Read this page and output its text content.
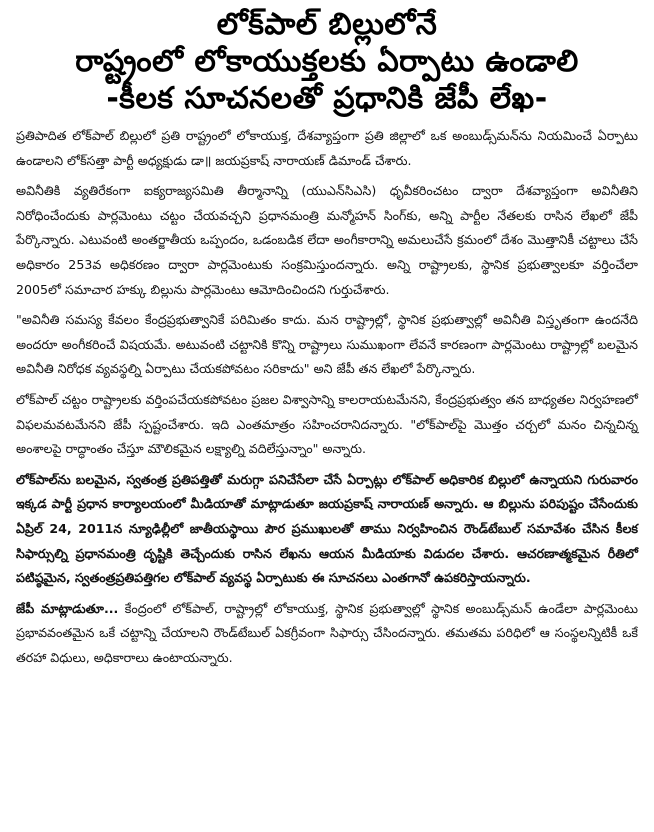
లోక్‌పాల్ బిల్లులోనే
రాష్ట్రంలో లోకాయుక్తలకు ఏర్పాటు ఉండాలి
-కీలక సూచనలతో ప్రధానికి జేపీ లేఖ-

ప్రతిపాదిత లోక్‌పాల్ బిల్లులో ప్రతి రాష్ట్రంలో లోకాయుక్త, దేశవ్యాప్తంగా ప్రతి జిల్లాలో ఒక అంబుడ్స్‌మన్‌ను నియమించే ఏర్పాటు ఉండాలని లోక్‌సత్తా పార్టీ అధ్యక్షుడు డా॥ జయప్రకాష్ నారాయణ్ డిమాండ్ చేశారు.

అవినీతికి వ్యతిరేకంగా ఐక్యరాజ్యసమితి తీర్మానాన్ని (యుఎన్‌సిఎసి) ధృవీకరించటం ద్వారా దేశవ్యాప్తంగా అవినీతిని నిరోధించేందుకు పార్లమెంటు చట్టం చేయవచ్చని ప్రధానమంత్రి మన్మోహన్ సింగ్‌కు, అన్ని పార్టీల నేతలకు రాసిన లేఖలో జేపీ పేర్కొన్నారు. ఎటువంటి అంతర్జాతీయ ఒప్పందం, ఒడంబడిక లేదా అంగీకారాన్ని అమలుచేసే క్రమంలో దేశం మొత్తానికీ చట్టాలు చేసే అధికారం 253వ అధికరణం ద్వారా పార్లమెంటుకు సంక్రమిస్తుందన్నారు. అన్ని రాష్ట్రాలకు, స్థానిక ప్రభుత్వాలకూ వర్తించేలా 2005లో సమాచార హక్కు బిల్లును పార్లమెంటు ఆమోదించిందని గుర్తుచేశారు.

"అవినీతి సమస్య కేవలం కేంద్రప్రభుత్వానికే పరిమితం కాదు. మన రాష్ట్రాల్లో, స్థానిక ప్రభుత్వాల్లో అవినీతి విస్తృతంగా ఉందనేది అందరూ అంగీకరించే విషయమే. అటువంటి చట్టానికి కొన్ని రాష్ట్రాలు సుముఖంగా లేవనే కారణంగా పార్లమెంటు రాష్ట్రాల్లో బలమైన అవినీతి నిరోధక వ్యవస్థల్ని ఏర్పాటు చేయకపోవటం సరికాదు" అని జేపీ తన లేఖలో పేర్కొన్నారు.

లోక్‌పాల్ చట్టం రాష్ట్రాలకు వర్తింపచేయకపోవటం ప్రజల విశ్వాసాన్ని కాలరాయటమేనని, కేంద్రప్రభుత్వం తన బాధ్యతల నిర్వహణలో విఫలమవటమేనని జేపీ స్పష్టంచేశారు. ఇది ఎంతమాత్రం సహించరానిదన్నారు. "లోక్‌పాల్‌పై మొత్తం చర్చలో మనం చిన్నచిన్న అంశాలపై రాద్ధాంతం చేస్తూ మౌలికమైన లక్ష్యాల్ని వదిలేస్తున్నాం" అన్నారు.

లోక్‌పాల్‌ను బలమైన, స్వతంత్ర ప్రతిపత్తితో మరుగ్గా పనిచేసేలా చేసే ఏర్పాట్లు లోక్‌పాల్ అధికారిక బిల్లులో ఉన్నాయని గురువారం ఇక్కడ పార్టీ ప్రధాన కార్యాలయంలో మీడియాతో మాట్లాడుతూ జయప్రకాష్ నారాయణ్ అన్నారు. ఆ బిల్లును పరిపుష్టం చేసేందుకు ఏప్రిల్ 24, 2011న న్యూఢిల్లీలో జాతీయస్థాయి పౌర ప్రముఖులతో తాము నిర్వహించిన రౌండ్‌టేబుల్ సమావేశం చేసిన కీలక సిఫార్సుల్ని ప్రధానమంత్రి దృష్టికి తెచ్చేందుకు రాసిన లేఖను ఆయన మీడియాకు విడుదల చేశారు. ఆచరణాత్మకమైన రీతిలో పటిష్ఠమైన, స్వతంత్రప్రతిపత్తిగల లోక్‌పాల్ వ్యవస్థ ఏర్పాటుకు ఈ సూచనలు ఎంతగానో ఉపకరిస్తాయన్నారు.

జేపీ మాట్లాడుతూ... కేంద్రంలో లోక్‌పాల్, రాష్ట్రాల్లో లోకాయుక్త, స్థానిక ప్రభుత్వాల్లో స్థానిక అంబుడ్స్‌మన్ ఉండేలా పార్లమెంటు ప్రభావవంతమైన ఒకే చట్టాన్ని చేయాలని రౌండ్‌టేబుల్ ఏకగ్రీవంగా సిఫార్సు చేసిందన్నారు. తమతమ పరిధిలో ఆ సంస్థలన్నిటికీ ఒకే తరహా విధులు, అధికారాలు ఉంటాయన్నారు.
